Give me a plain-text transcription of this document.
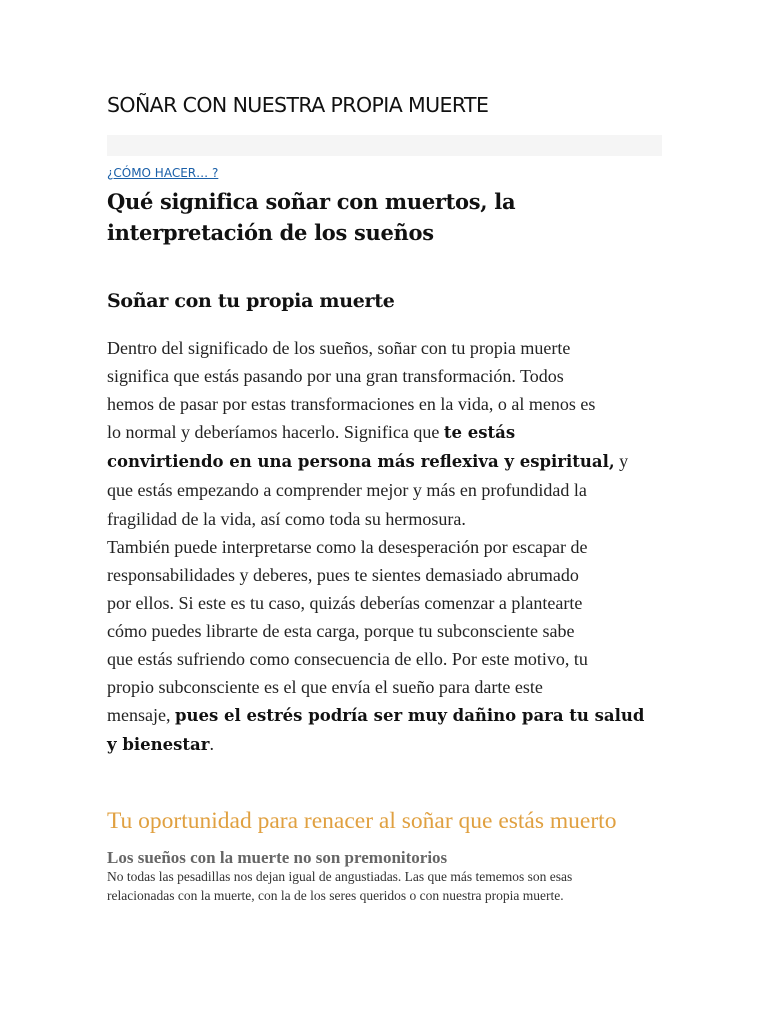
SOÑAR CON NUESTRA PROPIA MUERTE
¿CÓMO HACER… ?
Qué significa soñar con muertos, la
interpretación de los sueños
Soñar con tu propia muerte
Dentro del significado de los sueños, soñar con tu propia muerte
significa que estás pasando por una gran transformación. Todos
hemos de pasar por estas transformaciones en la vida, o al menos es
lo normal y deberíamos hacerlo. Significa que te estás
convirtiendo en una persona más reflexiva y espiritual, y
que estás empezando a comprender mejor y más en profundidad la
fragilidad de la vida, así como toda su hermosura.
También puede interpretarse como la desesperación por escapar de
responsabilidades y deberes, pues te sientes demasiado abrumado
por ellos. Si este es tu caso, quizás deberías comenzar a plantearte
cómo puedes librarte de esta carga, porque tu subconsciente sabe
que estás sufriendo como consecuencia de ello. Por este motivo, tu
propio subconsciente es el que envía el sueño para darte este
mensaje, pues el estrés podría ser muy dañino para tu salud
y bienestar.
Tu oportunidad para renacer al soñar que estás muerto
Los sueños con la muerte no son premonitorios

No todas las pesadillas nos dejan igual de angustiadas. Las que más tememos son esas
relacionadas con la muerte, con la de los seres queridos o con nuestra propia muerte.
